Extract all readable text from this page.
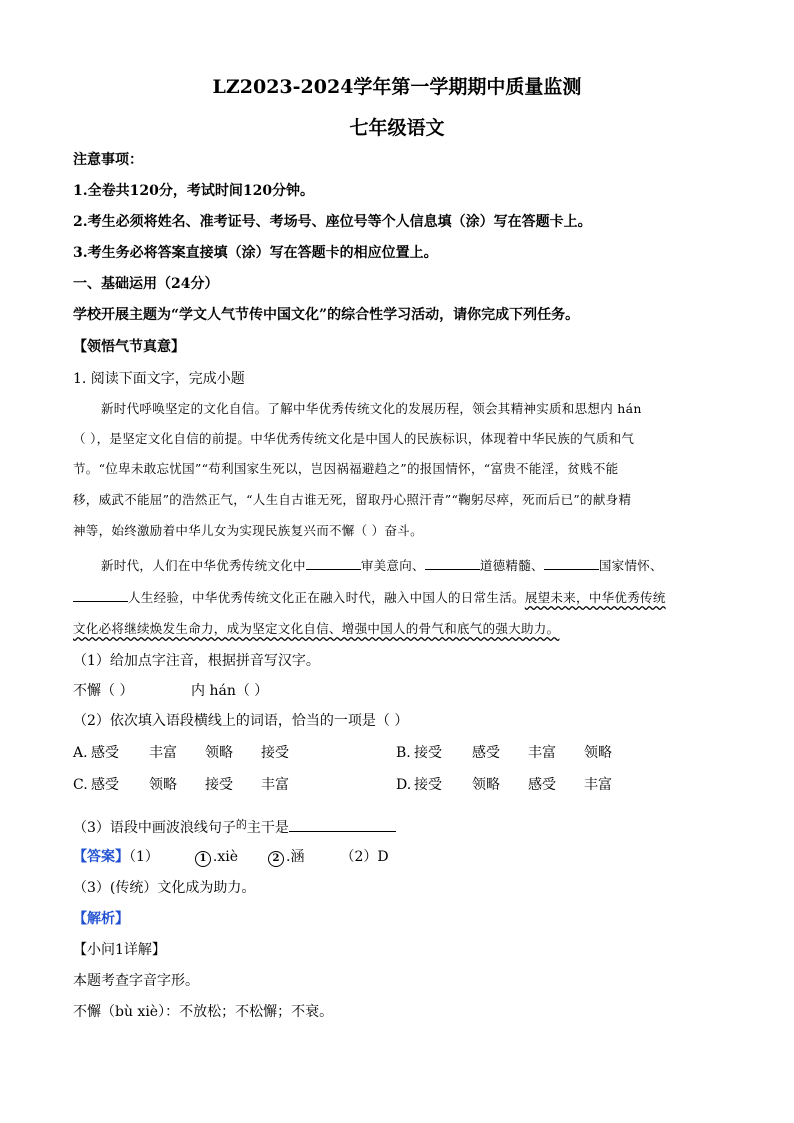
LZ2023-2024学年第一学期期中质量监测
七年级语文
注意事项：
1.全卷共120分，考试时间120分钟。
2.考生必须将姓名、准考证号、考场号、座位号等个人信息填（涂）写在答题卡上。
3.考生务必将答案直接填（涂）写在答题卡的相应位置上。
一、基础运用（24分）
学校开展主题为“学文人气节传中国文化”的综合性学习活动，请你完成下列任务。
【领悟气节真意】
1. 阅读下面文字，完成小题
新时代呼唤坚定的文化自信。了解中华优秀传统文化的发展历程，领会其精神实质和思想内 hán
（ ），是坚定文化自信的前提。中华优秀传统文化是中国人的民族标识，体现着中华民族的气质和气
节。“位卑未敢忘忧国”“苟利国家生死以，岂因祸福避趋之”的报国情怀，“富贵不能淫，贫贱不能
移，威武不能屈”的浩然正气，“人生自古谁无死，留取丹心照汗青”“鞠躬尽瘁，死而后已”的献身精
神等，始终激励着中华儿女为实现民族复兴而不懈（ ）奋斗。
新时代，人们在中华优秀传统文化中	审美意向、	道德精髓、	国家情怀、
人生经验，中华优秀传统文化正在融入时代，融入中国人的日常生活。展望未来，中华优秀传统
文化必将继续焕发生命力，成为坚定文化自信、增强中国人的骨气和底气的强大助力。
（1）给加点字注音，根据拼音写汉字。
不懈（ ）	内 hán（ ）
（2）依次填入语段横线上的词语，恰当的一项是（ ）
A. 感受 丰富 领略 接受	B. 接受 感受 丰富 领略
C. 感受 领略 接受 丰富	D. 接受 领略 感受 丰富
（3）语段中画波浪线句子$^的$主干是
【答案】（1）	1 .xiè	2 .涵	（2）D
（3）(传统）文化成为助力。
【解析】
【小问1详解】
本题考查字音字形。
不懈（bù xiè）：不放松；不松懈；不衰。
